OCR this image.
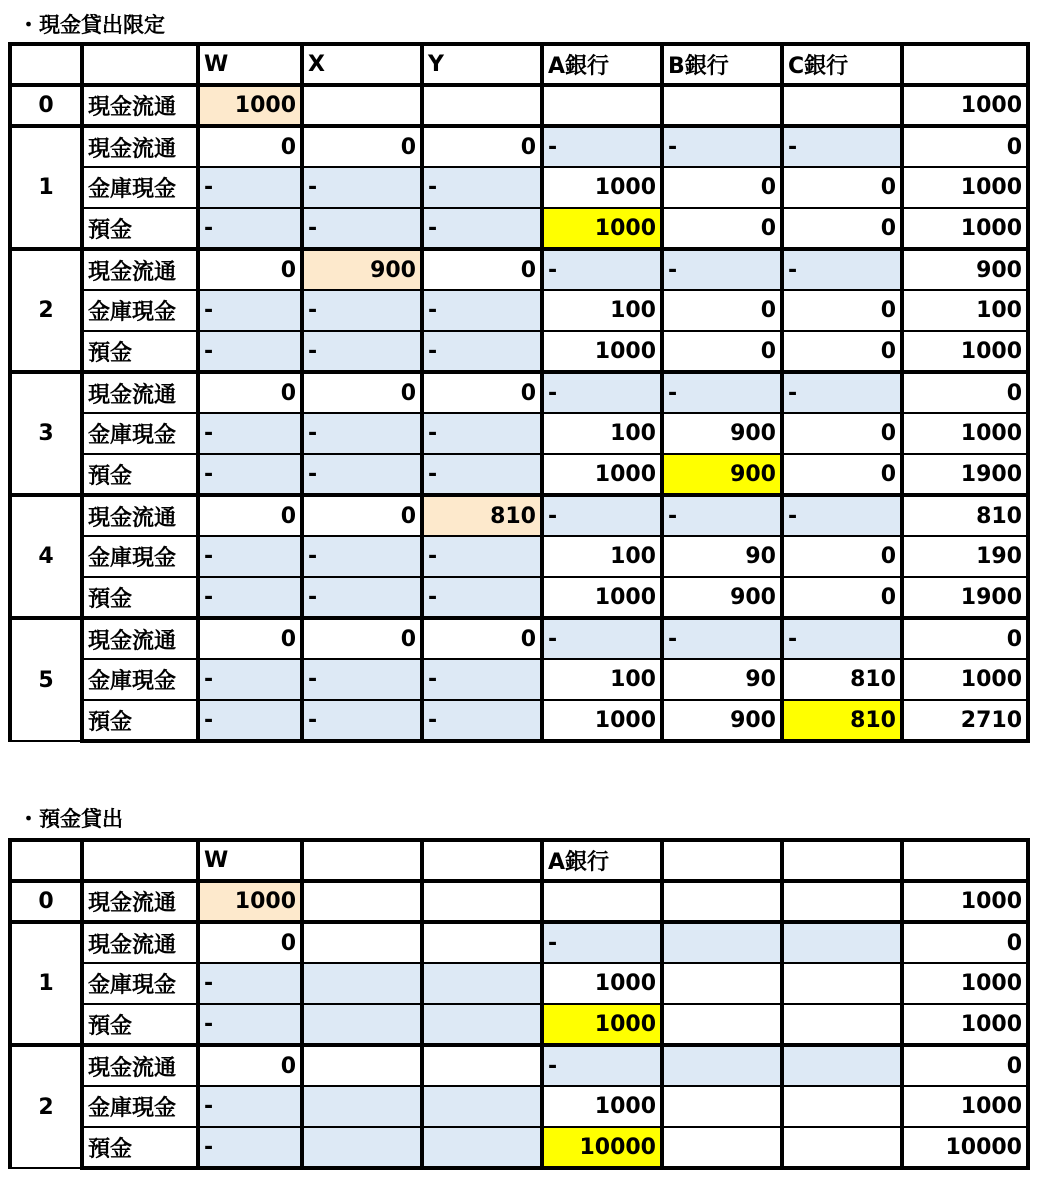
・現金貸出限定
		W	X	Y	A銀行	B銀行	C銀行	
0	現金流通	1000						1000
1	現金流通	0	0	0	-	-	-	0
	金庫現金	-	-	-	1000	0	0	1000
	預金	-	-	-	1000	0	0	1000
2	現金流通	0	900	0	-	-	-	900
	金庫現金	-	-	-	100	0	0	100
	預金	-	-	-	1000	0	0	1000
3	現金流通	0	0	0	-	-	-	0
	金庫現金	-	-	-	100	900	0	1000
	預金	-	-	-	1000	900	0	1900
4	現金流通	0	0	810	-	-	-	810
	金庫現金	-	-	-	100	90	0	190
	預金	-	-	-	1000	900	0	1900
5	現金流通	0	0	0	-	-	-	0
	金庫現金	-	-	-	100	90	810	1000
	預金	-	-	-	1000	900	810	2710
・預金貸出
		W			A銀行			
0	現金流通	1000						1000
1	現金流通	0			-			0
	金庫現金	-			1000			1000
	預金	-			1000			1000
2	現金流通	0			-			0
	金庫現金	-			1000			1000
	預金	-			10000			10000
